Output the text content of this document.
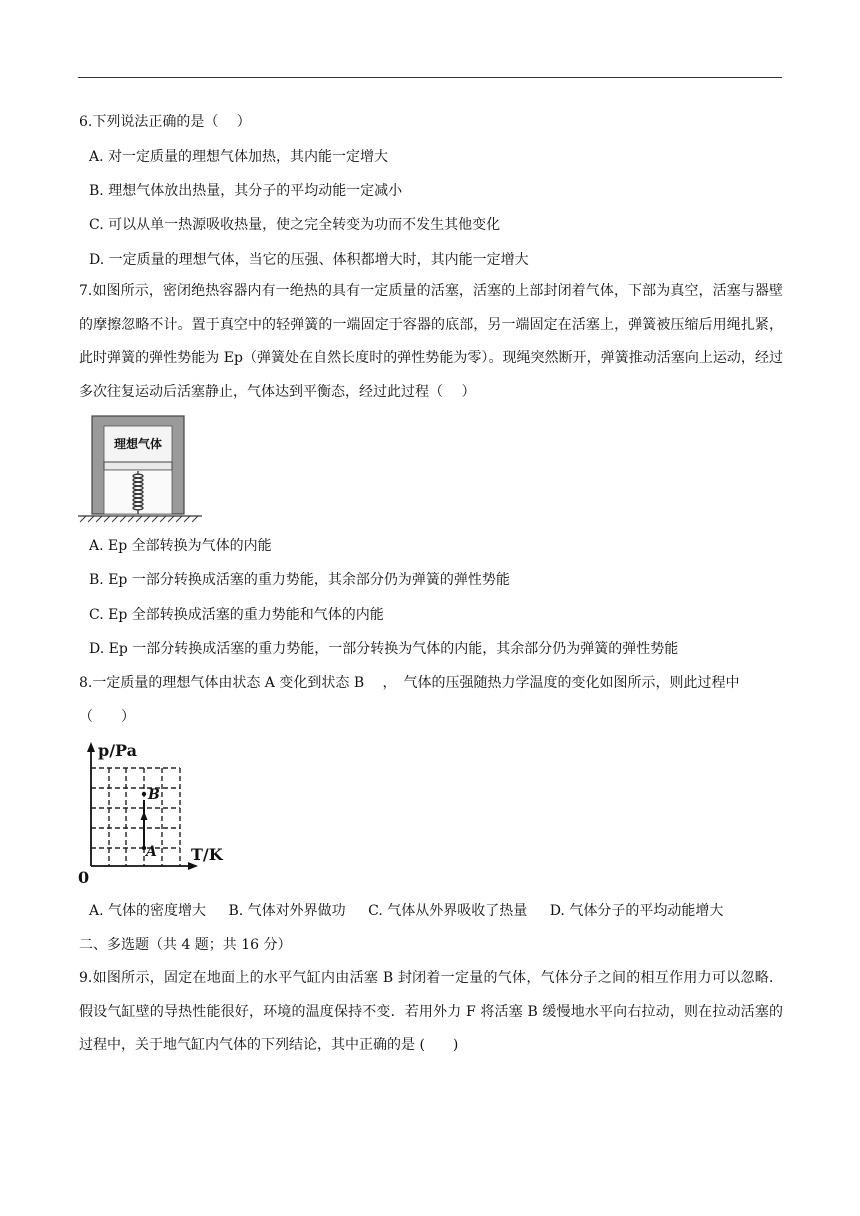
6.下列说法正确的是（　 ）
A. 对一定质量的理想气体加热，其内能一定增大
B. 理想气体放出热量，其分子的平均动能一定减小
C. 可以从单一热源吸收热量，使之完全转变为功而不发生其他变化
D. 一定质量的理想气体，当它的压强、体积都增大时，其内能一定增大
7.如图所示，密闭绝热容器内有一绝热的具有一定质量的活塞，活塞的上部封闭着气体，下部为真空，活塞与器壁的摩擦忽略不计。置于真空中的轻弹簧的一端固定于容器的底部，另一端固定在活塞上，弹簧被压缩后用绳扎紧，此时弹簧的弹性势能为 Ep（弹簧处在自然长度时的弹性势能为零）。现绳突然断开，弹簧推动活塞向上运动，经过多次往复运动后活塞静止，气体达到平衡态，经过此过程（　 ）
理想气体
A. Ep 全部转换为气体的内能
B. Ep 一部分转换成活塞的重力势能，其余部分仍为弹簧的弹性势能
C. Ep 全部转换成活塞的重力势能和气体的内能
D. Ep 一部分转换成活塞的重力势能，一部分转换为气体的内能，其余部分仍为弹簧的弹性势能
8.一定质量的理想气体由状态 A 变化到状态 B　 ，　气体的压强随热力学温度的变化如图所示，则此过程中
（　　）
p/Pa
T/K
0
B
A
A. 气体的密度增大 B. 气体对外界做功 C. 气体从外界吸收了热量 D. 气体分子的平均动能增大
二、多选题（共 4 题；共 16 分）
9.如图所示，固定在地面上的水平气缸内由活塞 B 封闭着一定量的气体，气体分子之间的相互作用力可以忽略．假设气缸壁的导热性能很好，环境的温度保持不变．若用外力 F 将活塞 B 缓慢地水平向右拉动，则在拉动活塞的过程中，关于地气缸内气体的下列结论，其中正确的是 (　　)
